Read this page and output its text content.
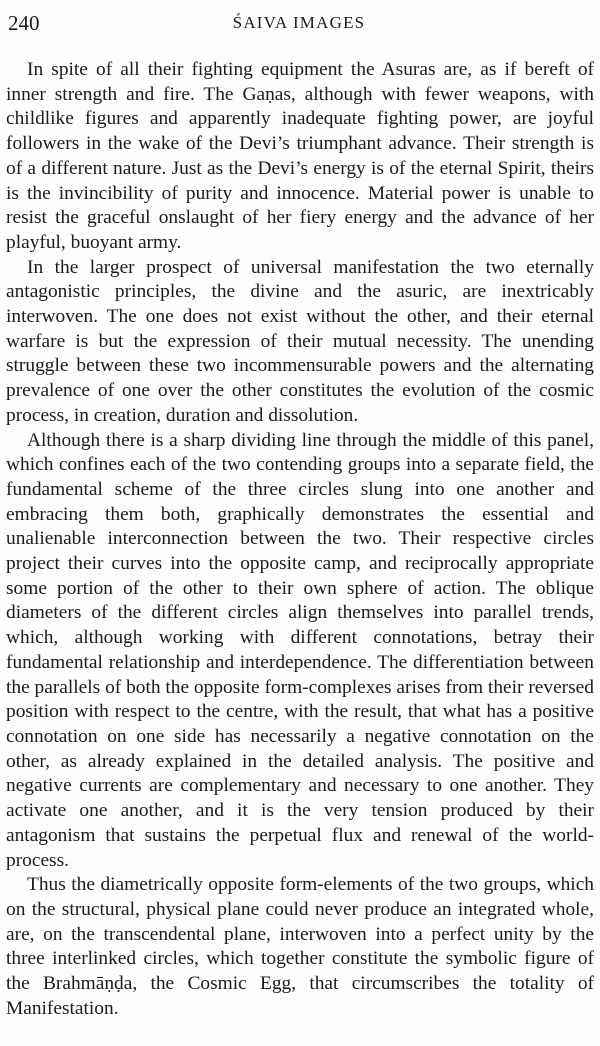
240	ŚAIVA IMAGES

In spite of all their fighting equipment the Asuras are, as if bereft of inner strength and fire. The Gaṇas, although with fewer weapons, with childlike figures and apparently inadequate fighting power, are joyful followers in the wake of the Devi’s triumphant advance. Their strength is of a different nature. Just as the Devi’s energy is of the eternal Spirit, theirs is the invincibility of purity and innocence. Material power is unable to resist the graceful onslaught of her fiery energy and the advance of her playful, buoyant army.

In the larger prospect of universal manifestation the two eternally antagonistic principles, the divine and the asuric, are inextricably interwoven. The one does not exist without the other, and their eternal warfare is but the expression of their mutual necessity. The unending struggle between these two incommensurable powers and the alternating prevalence of one over the other constitutes the evolution of the cosmic process, in creation, duration and dissolution.

Although there is a sharp dividing line through the middle of this panel, which confines each of the two contending groups into a separate field, the fundamental scheme of the three circles slung into one another and embracing them both, graphically demonstrates the essential and unalienable interconnection between the two. Their respective circles project their curves into the opposite camp, and reciprocally appropriate some portion of the other to their own sphere of action. The oblique diameters of the different circles align themselves into parallel trends, which, although working with different connotations, betray their fundamental relationship and interdependence. The differentiation between the parallels of both the opposite form-complexes arises from their reversed position with respect to the centre, with the result, that what has a positive connotation on one side has necessarily a negative connotation on the other, as already explained in the detailed analysis. The positive and negative currents are complementary and necessary to one another. They activate one another, and it is the very tension produced by their antagonism that sustains the perpetual flux and renewal of the world-process.

Thus the diametrically opposite form-elements of the two groups, which on the structural, physical plane could never produce an integrated whole, are, on the transcendental plane, interwoven into a perfect unity by the three interlinked circles, which together constitute the symbolic figure of the Brahmāṇḍa, the Cosmic Egg, that circumscribes the totality of Manifestation.
